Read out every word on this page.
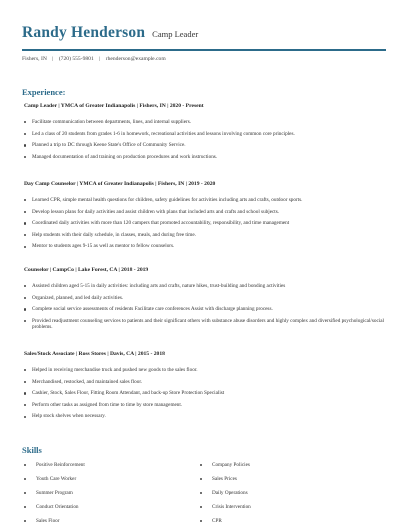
Randy Henderson Camp Leader
Fishers, IN | (720) 555-9801 | rhenderson@example.com
Experience:
Camp Leader | YMCA of Greater Indianapolis | Fishers, IN | 2020 - Present
Facilitate communication between departments, lines, and internal suppliers.
Led a class of 20 students from grades 1-6 in homework, recreational activities and lessons involving common core principles.
Planned a trip to DC through Keene State's Office of Community Service.
Managed documentation of and training on production procedures and work instructions.
Day Camp Counselor | YMCA of Greater Indianapolis | Fishers, IN | 2019 - 2020
Learned CPR, simple mental health questions for children, safety guidelines for activities including arts and crafts, outdoor sports.
Develop lesson plans for daily activities and assist children with plans that included arts and crafts and school subjects.
Coordinated daily activities with more than 120 campers that promoted accountability, responsibility, and time management
Help students with their daily schedule, in classes, meals, and during free time.
Mentor to students ages 9-15 as well as mentor to fellow counselors.
Counselor | CampCo | Lake Forest, CA | 2018 - 2019
Assisted children aged 5-15 in daily activities: including arts and crafts, nature hikes, trust-building and bonding activities
Organized, planned, and led daily activities.
Complete social service assessments of residents Facilitate care conferences Assist with discharge planning process.
Provided readjustment counseling services to patients and their significant others with substance abuse disorders and highly complex and diversified psychological/social problems.
Sales/Stock Associate | Ross Stores | Davis, CA | 2015 - 2018
Helped in receiving merchandise truck and pushed new goods to the sales floor.
Merchandised, restocked, and maintained sales floor.
Cashier, Stock, Sales Floor, Fitting Room Attendant, and back-up Store Protection Specialist
Perform other tasks as assigned from time to time by store management.
Help stock shelves when necessary.
Skills
Positive Reinforcement
Youth Care Worker
Summer Program
Conduct Orientation
Sales Floor
Company Policies
Sales Prices
Daily Operations
Crisis Intervention
CPR
